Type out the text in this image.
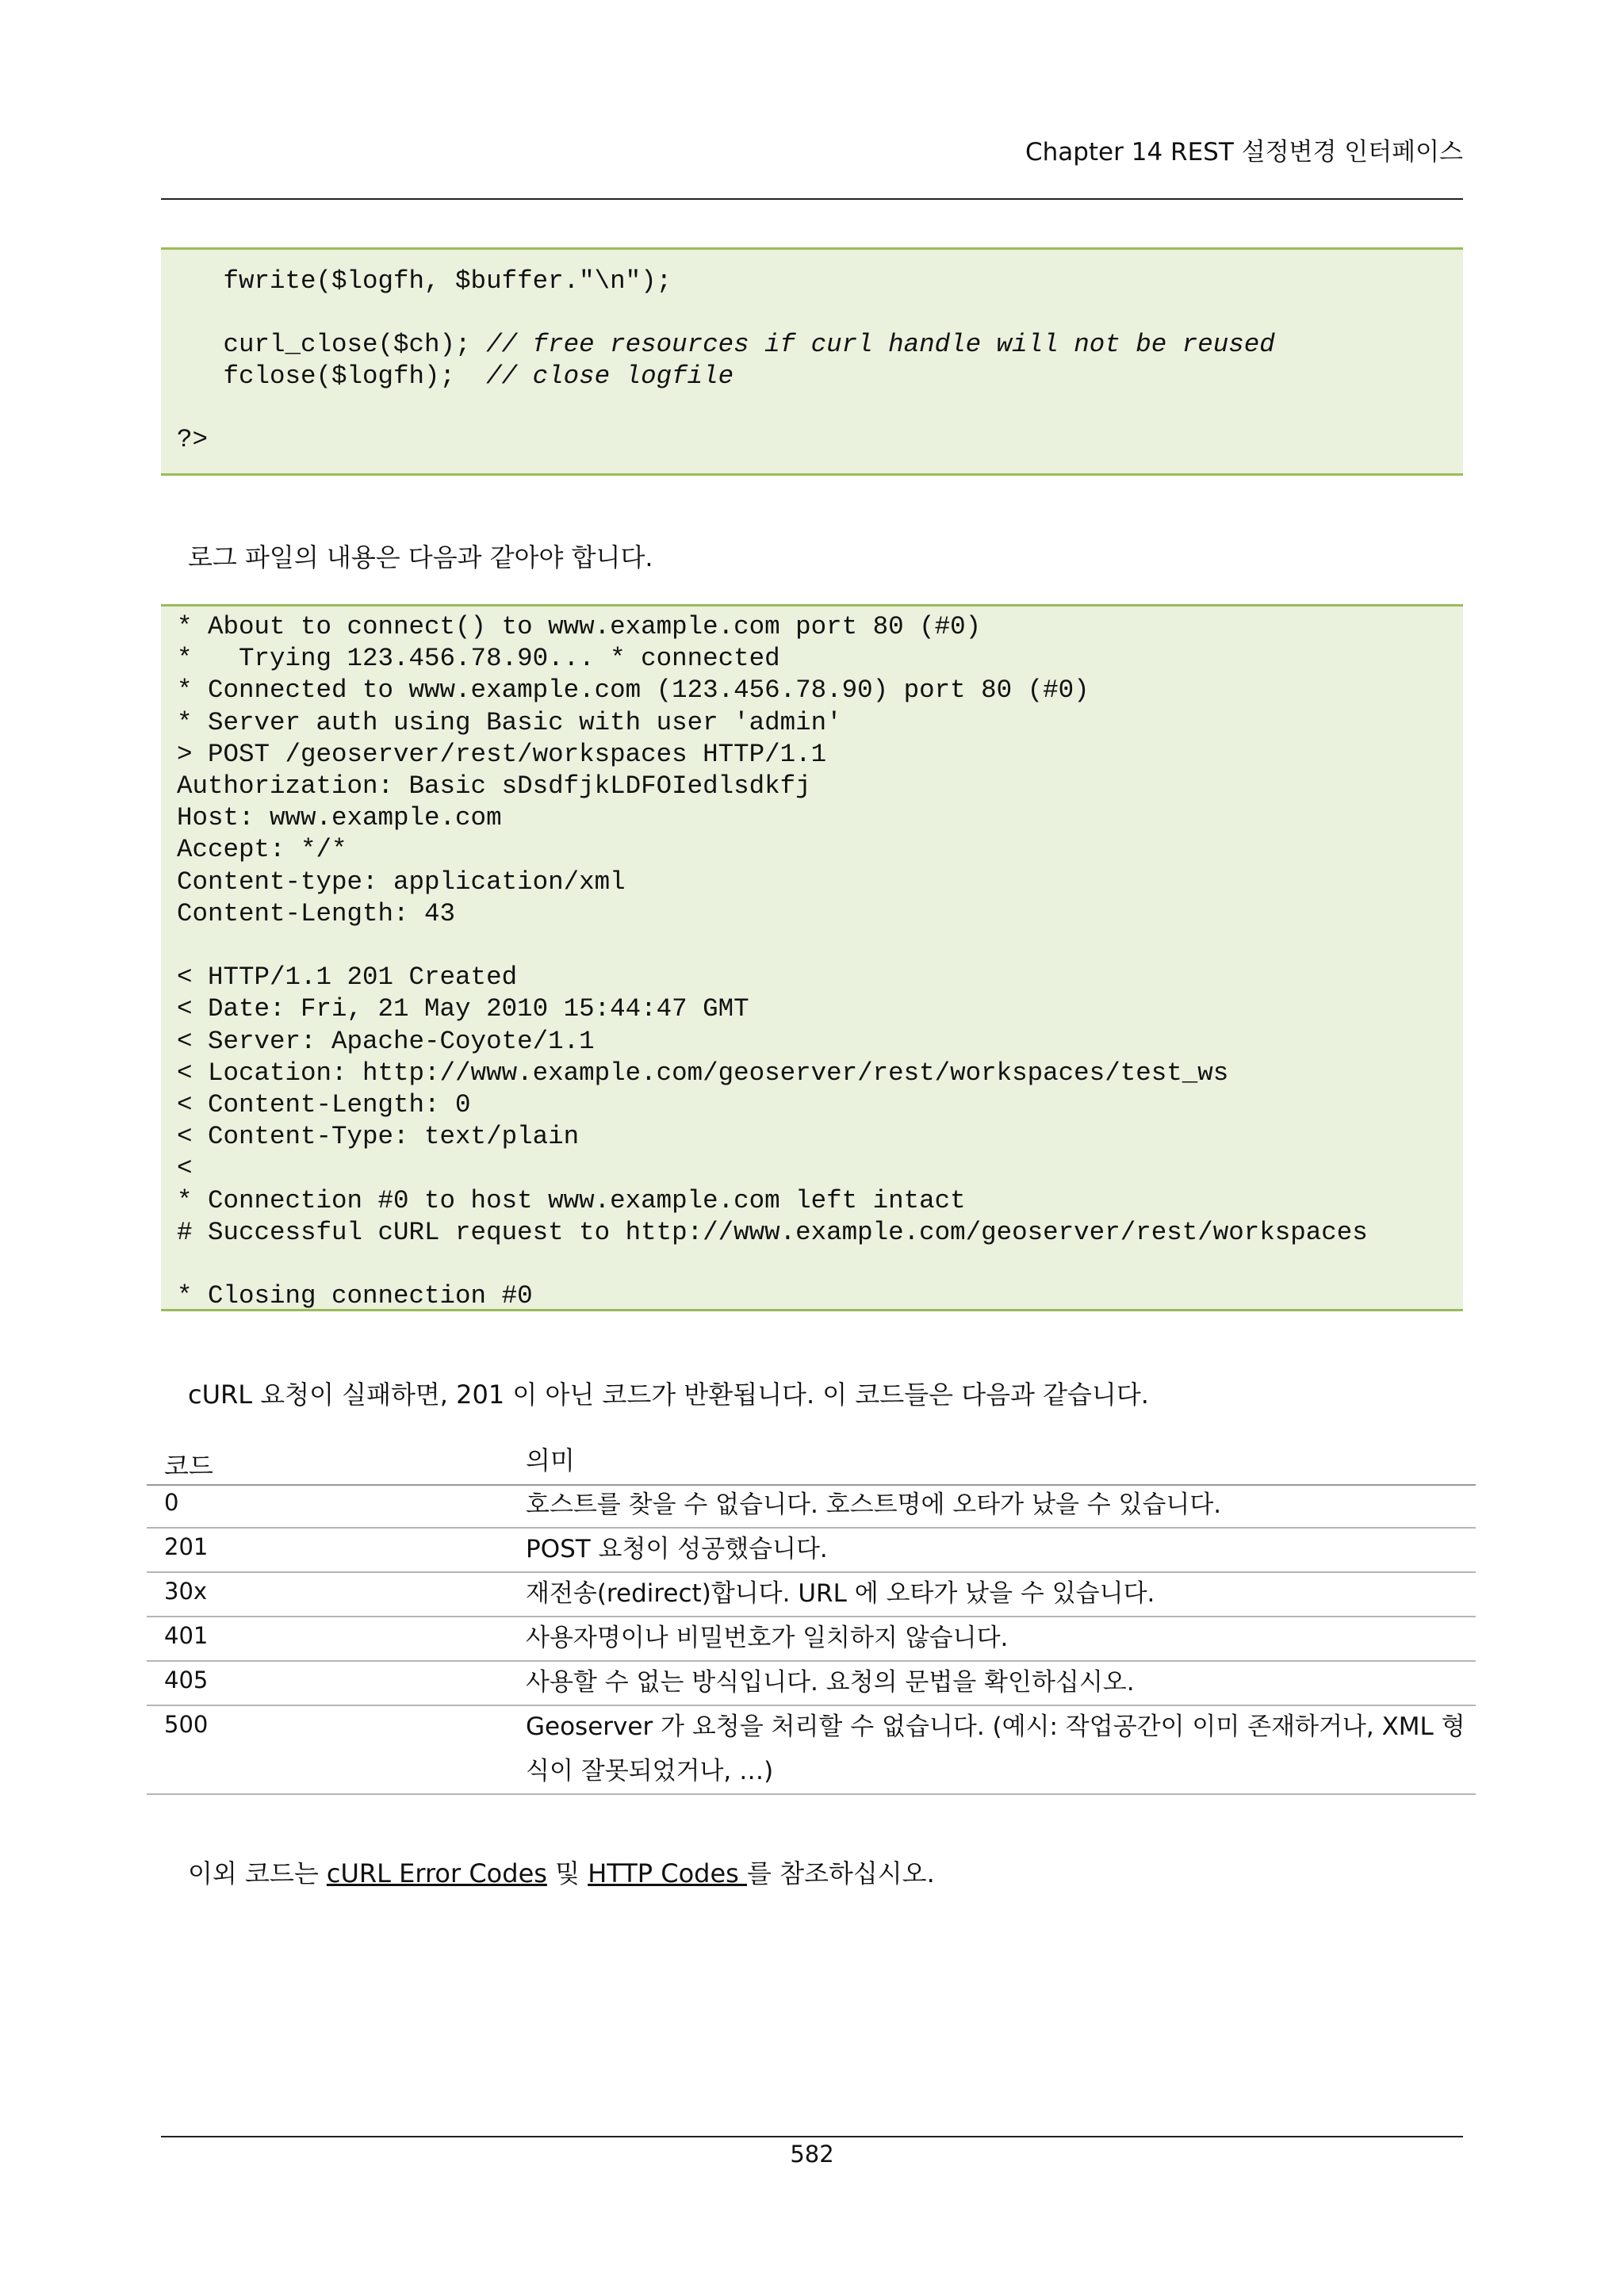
Chapter 14 REST 설정변경 인터페이스
fwrite($logfh, $buffer."\n");
curl_close($ch); // free resources if curl handle will not be reused
fclose($logfh);  // close logfile
?>
로그 파일의 내용은 다음과 같아야 합니다.
* About to connect() to www.example.com port 80 (#0)
*   Trying 123.456.78.90... * connected
* Connected to www.example.com (123.456.78.90) port 80 (#0)
* Server auth using Basic with user 'admin'
> POST /geoserver/rest/workspaces HTTP/1.1
Authorization: Basic sDsdfjkLDFOIedlsdkfj
Host: www.example.com
Accept: */*
Content-type: application/xml
Content-Length: 43
< HTTP/1.1 201 Created
< Date: Fri, 21 May 2010 15:44:47 GMT
< Server: Apache-Coyote/1.1
< Location: http://www.example.com/geoserver/rest/workspaces/test_ws
< Content-Length: 0
< Content-Type: text/plain
<
* Connection #0 to host www.example.com left intact
# Successful cURL request to http://www.example.com/geoserver/rest/workspaces
* Closing connection #0
cURL 요청이 실패하면, 201 이 아닌 코드가 반환됩니다. 이 코드들은 다음과 같습니다.
코드	의미
0	호스트를 찾을 수 없습니다. 호스트명에 오타가 났을 수 있습니다.
201	POST 요청이 성공했습니다.
30x	재전송(redirect)합니다. URL 에 오타가 났을 수 있습니다.
401	사용자명이나 비밀번호가 일치하지 않습니다.
405	사용할 수 없는 방식입니다. 요청의 문법을 확인하십시오.
500	Geoserver 가 요청을 처리할 수 없습니다. (예시: 작업공간이 이미 존재하거나, XML 형식이 잘못되었거나, …)
이외 코드는 cURL Error Codes 및 HTTP Codes 를 참조하십시오.
582
